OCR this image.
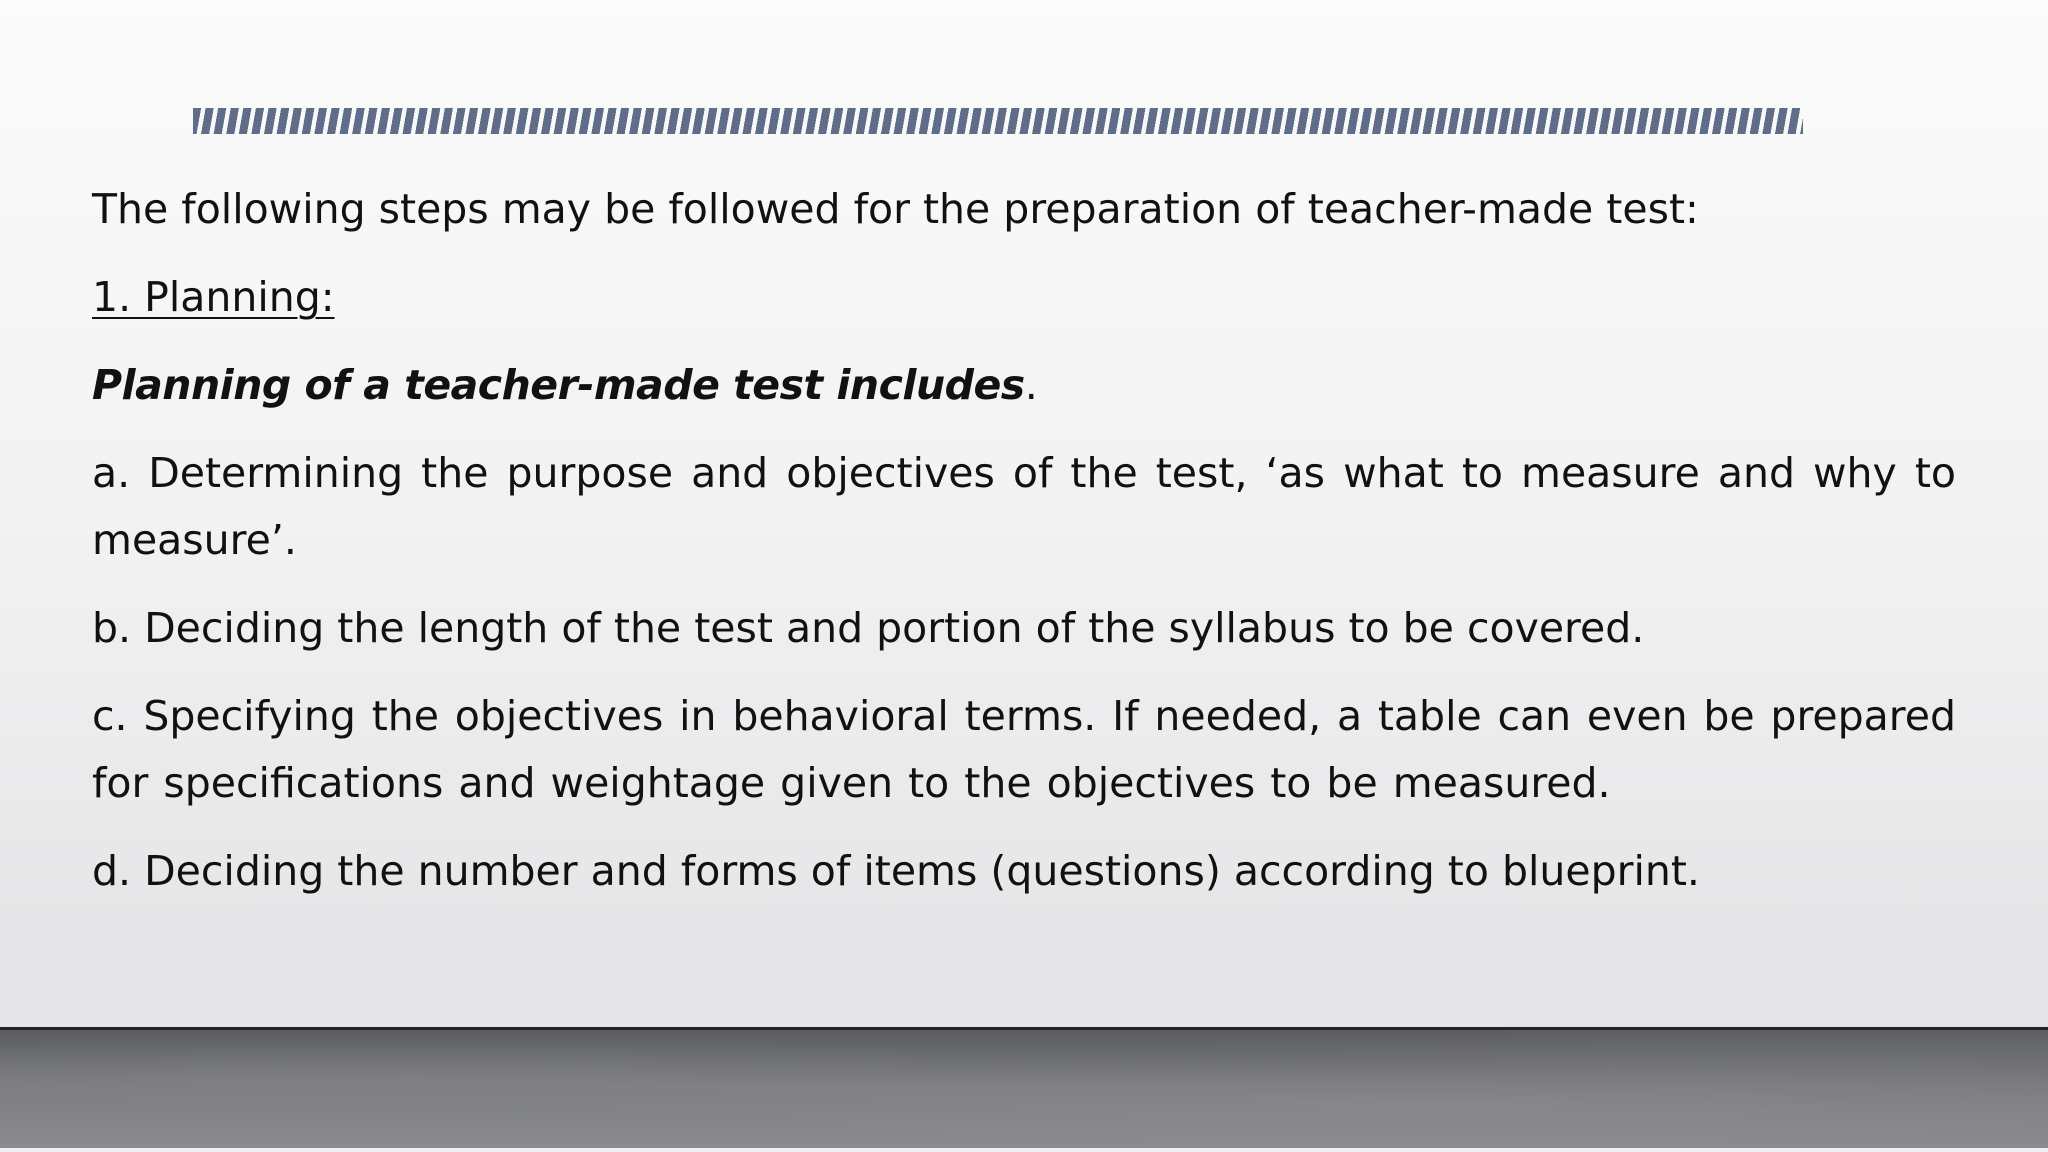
The following steps may be followed for the preparation of teacher-made test:

1. Planning:

Planning of a teacher-made test includes.

a. Determining the purpose and objectives of the test, ‘as what to measure and why to measure’.

b. Deciding the length of the test and portion of the syllabus to be covered.

c. Specifying the objectives in behavioral terms. If needed, a table can even be prepared for specifications and weightage given to the objectives to be measured.

d. Deciding the number and forms of items (questions) according to blueprint.
